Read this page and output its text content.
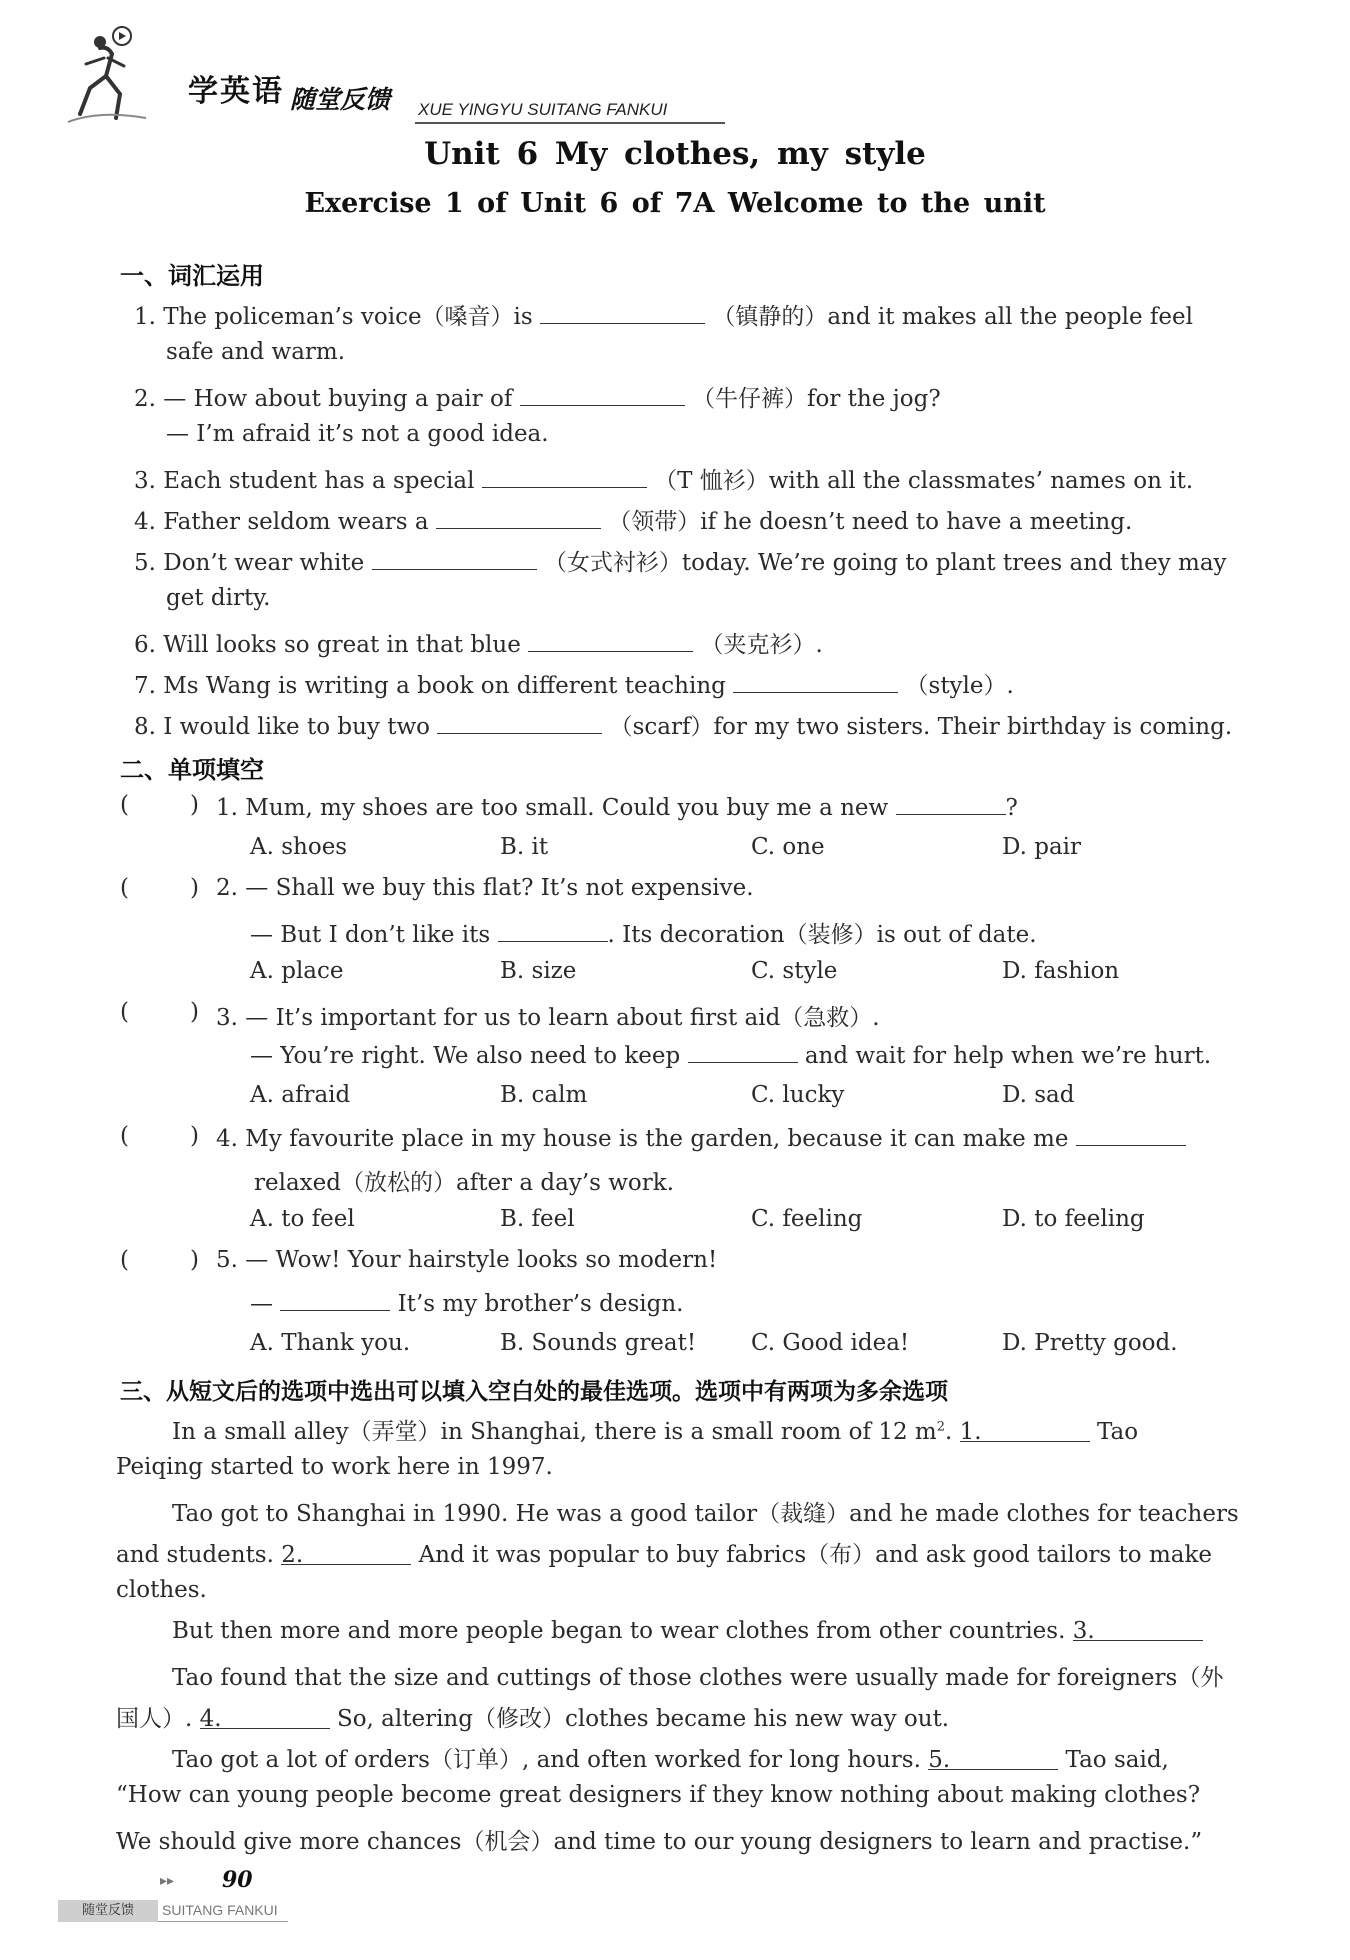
学英语 随堂反馈 XUE YINGYU SUITANG FANKUI
Unit 6 My clothes, my style
Exercise 1 of Unit 6 of 7A Welcome to the unit
一、词汇运用
1. The policeman’s voice（嗓音）is	（镇静的）and it makes all the people feel
safe and warm.
2. — How about buying a pair of	（牛仔裤）for the jog?
— I’m afraid it’s not a good idea.
3. Each student has a special	（T 恤衫）with all the classmates’ names on it.
4. Father seldom wears a	（领带）if he doesn’t need to have a meeting.
5. Don’t wear white	（女式衬衫）today. We’re going to plant trees and they may
get dirty.
6. Will looks so great in that blue	（夹克衫）.
7. Ms Wang is writing a book on different teaching	（style）.
8. I would like to buy two	（scarf）for my two sisters. Their birthday is coming.
二、单项填空
(	) 1. Mum, my shoes are too small. Could you buy me a new	?
A. shoes	B. it	C. one	D. pair
(	) 2. — Shall we buy this flat? It’s not expensive.
— But I don’t like its	. Its decoration（装修）is out of date.
A. place	B. size	C. style	D. fashion
(	) 3. — It’s important for us to learn about first aid（急救）.
— You’re right. We also need to keep	and wait for help when we’re hurt.
A. afraid	B. calm	C. lucky	D. sad
(	) 4. My favourite place in my house is the garden, because it can make me
relaxed（放松的）after a day’s work.
A. to feel	B. feel	C. feeling	D. to feeling
(	) 5. — Wow! Your hairstyle looks so modern!
—	It’s my brother’s design.
A. Thank you.	B. Sounds great! C. Good idea!	D. Pretty good.
三、从短文后的选项中选出可以填入空白处的最佳选项。选项中有两项为多余选项
In a small alley（弄堂）in Shanghai, there is a small room of 12 $m^2$. 1.	Tao
Peiqing started to work here in 1997.
Tao got to Shanghai in 1990. He was a good tailor（裁缝）and he made clothes for teachers
and students. 2.	And it was popular to buy fabrics（布）and ask good tailors to make
clothes.
But then more and more people began to wear clothes from other countries. 3.
Tao found that the size and cuttings of those clothes were usually made for foreigners（外
国人）. 4.	So, altering（修改）clothes became his new way out.
Tao got a lot of orders（订单）, and often worked for long hours. 5.	Tao said,
“How can young people become great designers if they know nothing about making clothes?
We should give more chances（机会）and time to our young designers to learn and practise.”
▸▸ 90
随堂反馈	SUITANG FANKUI
